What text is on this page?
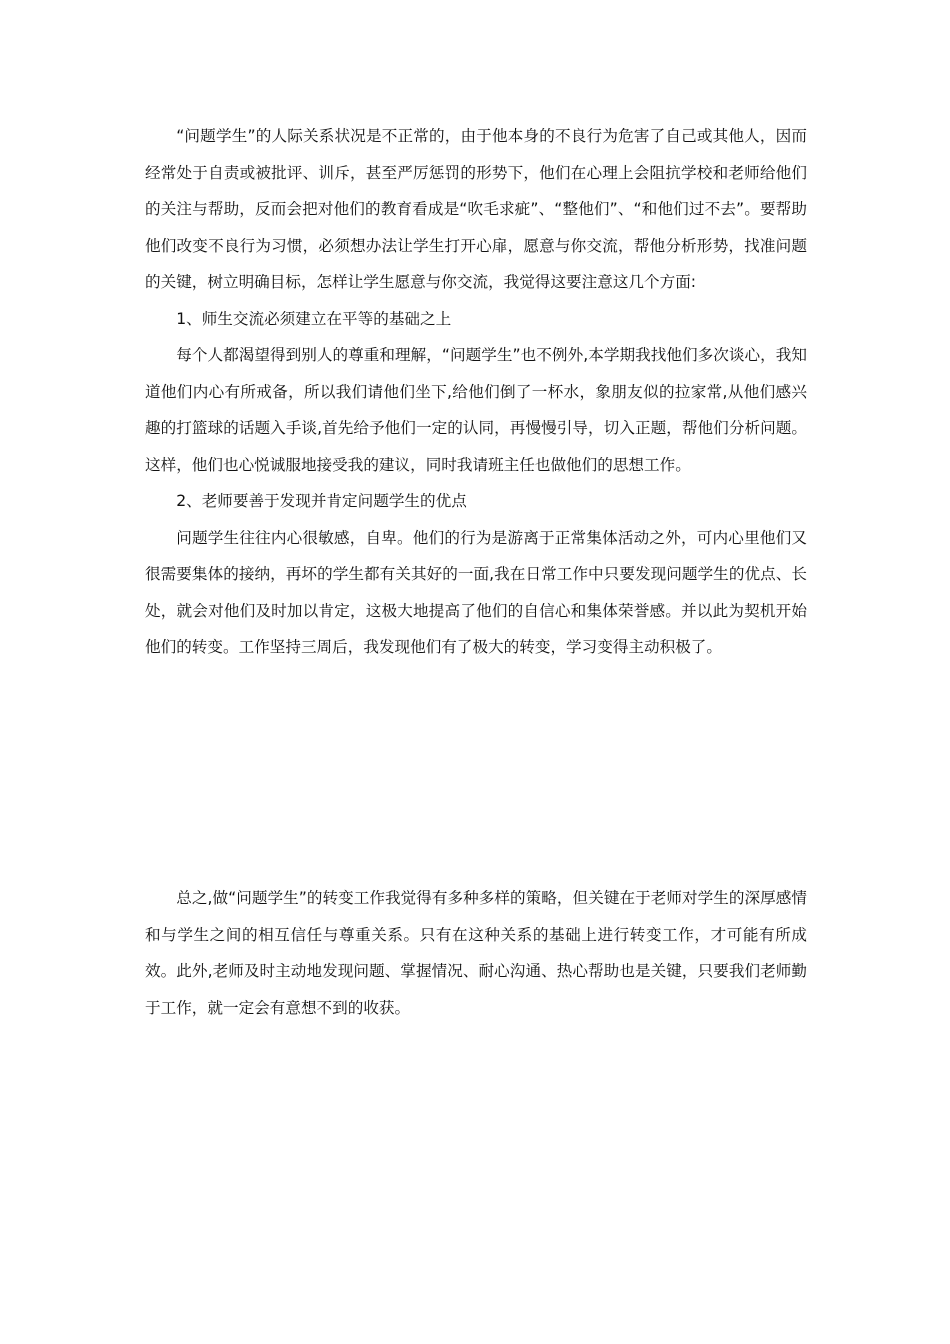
“问题学生”的人际关系状况是不正常的，由于他本身的不良行为危害了自己或其他人，因而经常处于自责或被批评、训斥，甚至严厉惩罚的形势下，他们在心理上会阻抗学校和老师给他们的关注与帮助，反而会把对他们的教育看成是“吹毛求疵”、“整他们”、“和他们过不去”。要帮助他们改变不良行为习惯，必须想办法让学生打开心扉，愿意与你交流，帮他分析形势，找准问题的关键，树立明确目标，怎样让学生愿意与你交流，我觉得这要注意这几个方面:

1、师生交流必须建立在平等的基础之上

每个人都渴望得到别人的尊重和理解，“问题学生”也不例外,本学期我找他们多次谈心，我知道他们内心有所戒备，所以我们请他们坐下,给他们倒了一杯水，象朋友似的拉家常,从他们感兴趣的打篮球的话题入手谈,首先给予他们一定的认同，再慢慢引导，切入正题，帮他们分析问题。这样，他们也心悦诚服地接受我的建议，同时我请班主任也做他们的思想工作。

2、老师要善于发现并肯定问题学生的优点

问题学生往往内心很敏感，自卑。他们的行为是游离于正常集体活动之外，可内心里他们又很需要集体的接纳，再坏的学生都有关其好的一面,我在日常工作中只要发现问题学生的优点、长处，就会对他们及时加以肯定，这极大地提高了他们的自信心和集体荣誉感。并以此为契机开始他们的转变。工作坚持三周后，我发现他们有了极大的转变，学习变得主动积极了。

总之,做“问题学生”的转变工作我觉得有多种多样的策略，但关键在于老师对学生的深厚感情和与学生之间的相互信任与尊重关系。只有在这种关系的基础上进行转变工作，才可能有所成效。此外,老师及时主动地发现问题、掌握情况、耐心沟通、热心帮助也是关键，只要我们老师勤于工作，就一定会有意想不到的收获。
